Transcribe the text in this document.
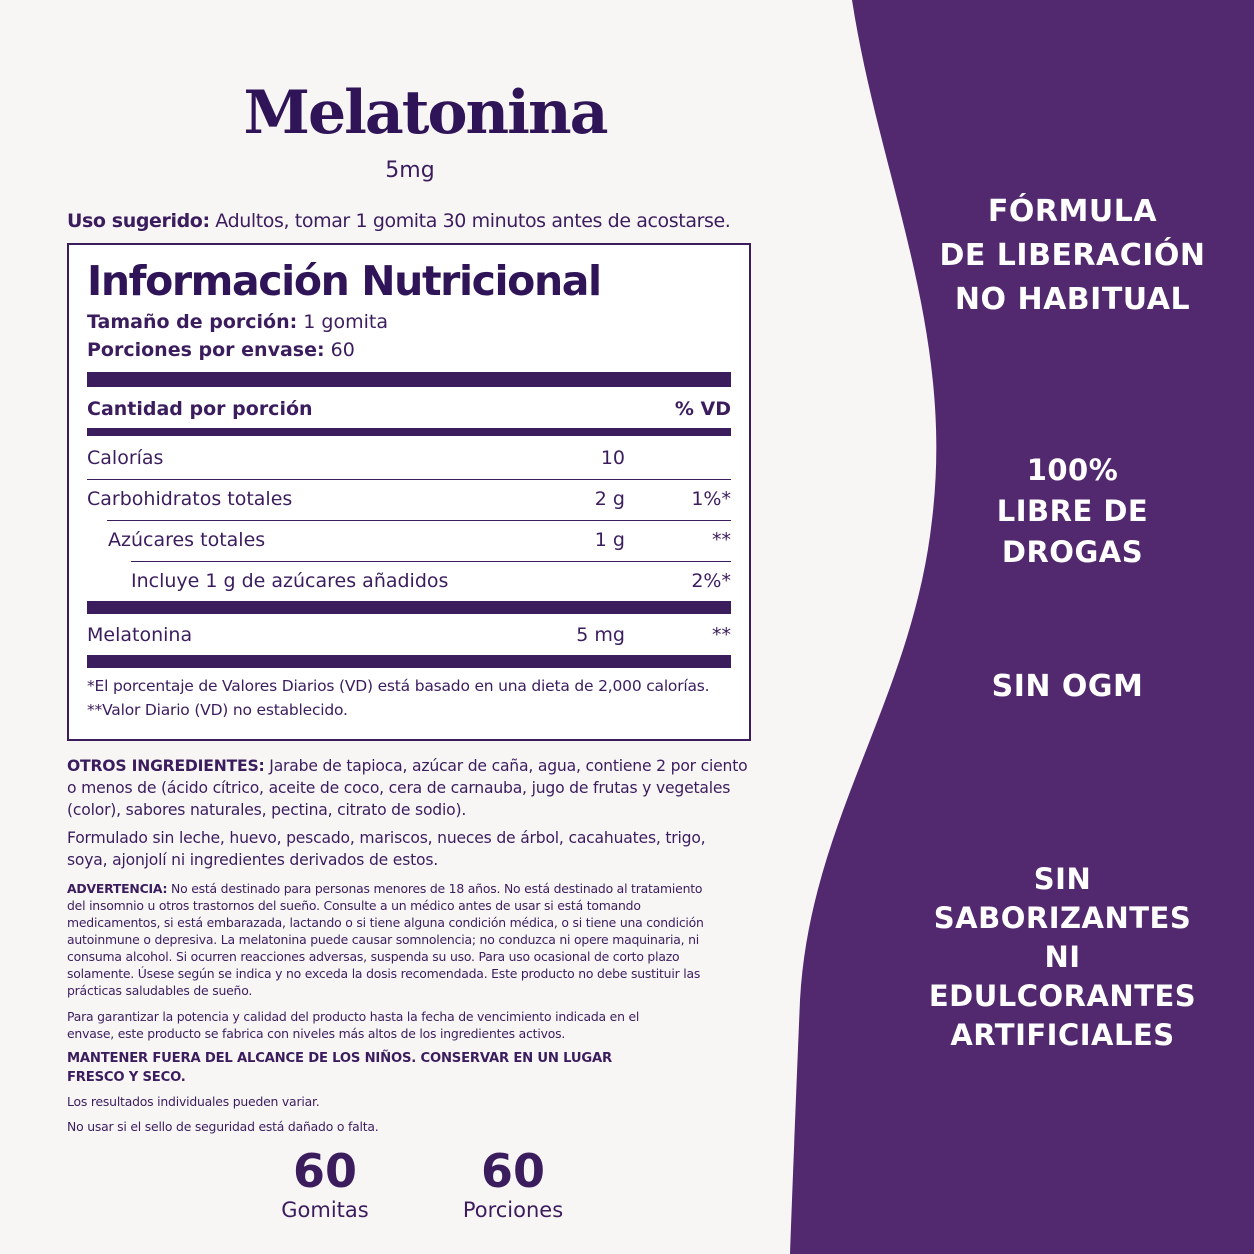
FÓRMULA
DE LIBERACIÓN
NO HABITUAL
100%
LIBRE DE DROGAS
SIN OGM
SIN SABORIZANTES
NI EDULCORANTES
ARTIFICIALES
Melatonina
5mg
Uso sugerido: Adultos, tomar 1 gomita 30 minutos antes de acostarse.
Información Nutricional
Tamaño de porción: 1 gomita
Porciones por envase: 60
Cantidad por porción	% VD
Calorías	10
Carbohidratos totales	2 g	1%*
Azúcares totales	1 g	**
Incluye 1 g de azúcares añadidos	2%*
Melatonina	5 mg	**
*El porcentaje de Valores Diarios (VD) está basado en una dieta de 2,000 calorías.
**Valor Diario (VD) no establecido.

OTROS INGREDIENTES: Jarabe de tapioca, azúcar de caña, agua, contiene 2 por ciento o menos de (ácido cítrico, aceite de coco, cera de carnauba, jugo de frutas y vegetales (color), sabores naturales, pectina, citrato de sodio).

Formulado sin leche, huevo, pescado, mariscos, nueces de árbol, cacahuates, trigo, soya, ajonjolí ni ingredientes derivados de estos.

ADVERTENCIA: No está destinado para personas menores de 18 años. No está destinado al tratamiento del insomnio u otros trastornos del sueño. Consulte a un médico antes de usar si está tomando medicamentos, si está embarazada, lactando o si tiene alguna condición médica, o si tiene una condición autoinmune o depresiva. La melatonina puede causar somnolencia; no conduzca ni opere maquinaria, ni consuma alcohol. Si ocurren reacciones adversas, suspenda su uso. Para uso ocasional de corto plazo solamente. Úsese según se indica y no exceda la dosis recomendada. Este producto no debe sustituir las prácticas saludables de sueño.

Para garantizar la potencia y calidad del producto hasta la fecha de vencimiento indicada en el envase, este producto se fabrica con niveles más altos de los ingredientes activos.

MANTENER FUERA DEL ALCANCE DE LOS NIÑOS. CONSERVAR EN UN LUGAR FRESCO Y SECO.

Los resultados individuales pueden variar.

No usar si el sello de seguridad está dañado o falta.

60
Gomitas
60
Porciones
